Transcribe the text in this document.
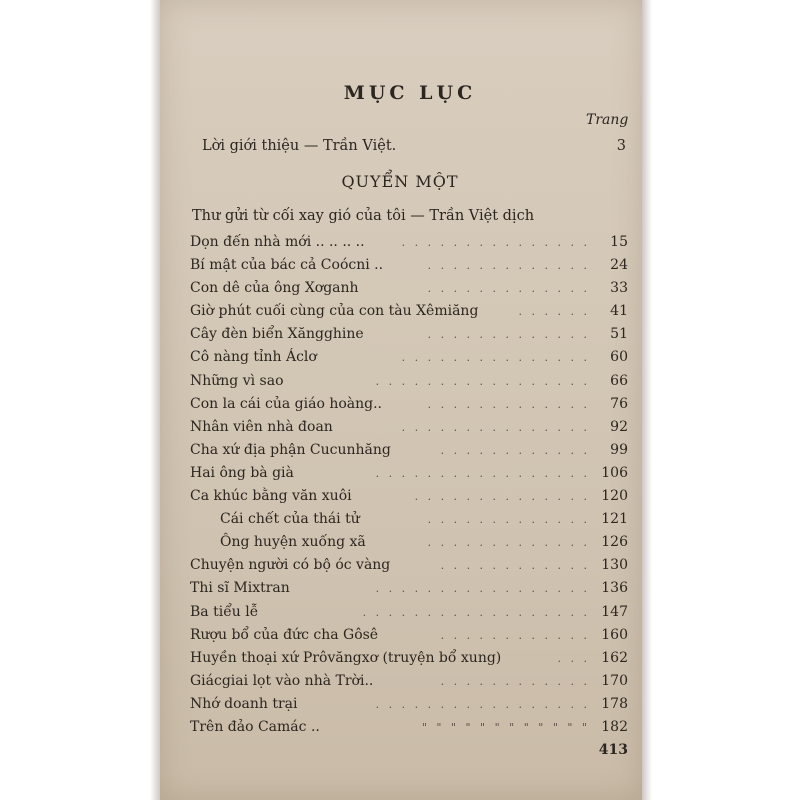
MỤC LỤC
Trang
Lời giới thiệu — Trần Việt.	3
QUYỂN MỘT
Thư gửi từ cối xay gió của tôi — Trần Việt dịch
Dọn đến nhà mới .. .. .. ..	. . . . . . . . . . . . . . . 15
Bí mật của bác cả Coócni ..	. . . . . . . . . . . . . 24
Con dê của ông Xơganh	. . . . . . . . . . . . . 33
Giờ phút cuối cùng của con tàu Xêmiăng	. . . . . . 41
Cây đèn biển Xăngghine	. . . . . . . . . . . . . 51
Cô nàng tỉnh Áclơ	. . . . . . . . . . . . . . . 60
Những vì sao	. . . . . . . . . . . . . . . . . 66
Con la cái của giáo hoàng..	. . . . . . . . . . . . . 76
Nhân viên nhà đoan	. . . . . . . . . . . . . . . 92
Cha xứ địa phận Cucunhăng	. . . . . . . . . . . . 99
Hai ông bà già	. . . . . . . . . . . . . . . . . 106
Ca khúc bằng văn xuôi	. . . . . . . . . . . . . . 120
Cái chết của thái tử	. . . . . . . . . . . . . 121
Ông huyện xuống xã	. . . . . . . . . . . . . 126
Chuyện người có bộ óc vàng	. . . . . . . . . . . . 130
Thi sĩ Mixtran	. . . . . . . . . . . . . . . . . 136
Ba tiểu lễ	. . . . . . . . . . . . . . . . . . 147
Rượu bổ của đức cha Gôsê	. . . . . . . . . . . . 160
Huyền thoại xứ Prôvăngxơ (truyện bổ xung)	. . . 162
Giácgiai lọt vào nhà Trời..	. . . . . . . . . . . . 170
Nhớ doanh trại	. . . . . . . . . . . . . . . . . 178
Trên đảo Camác ..	" " " " " " " " " " " " 182
413
